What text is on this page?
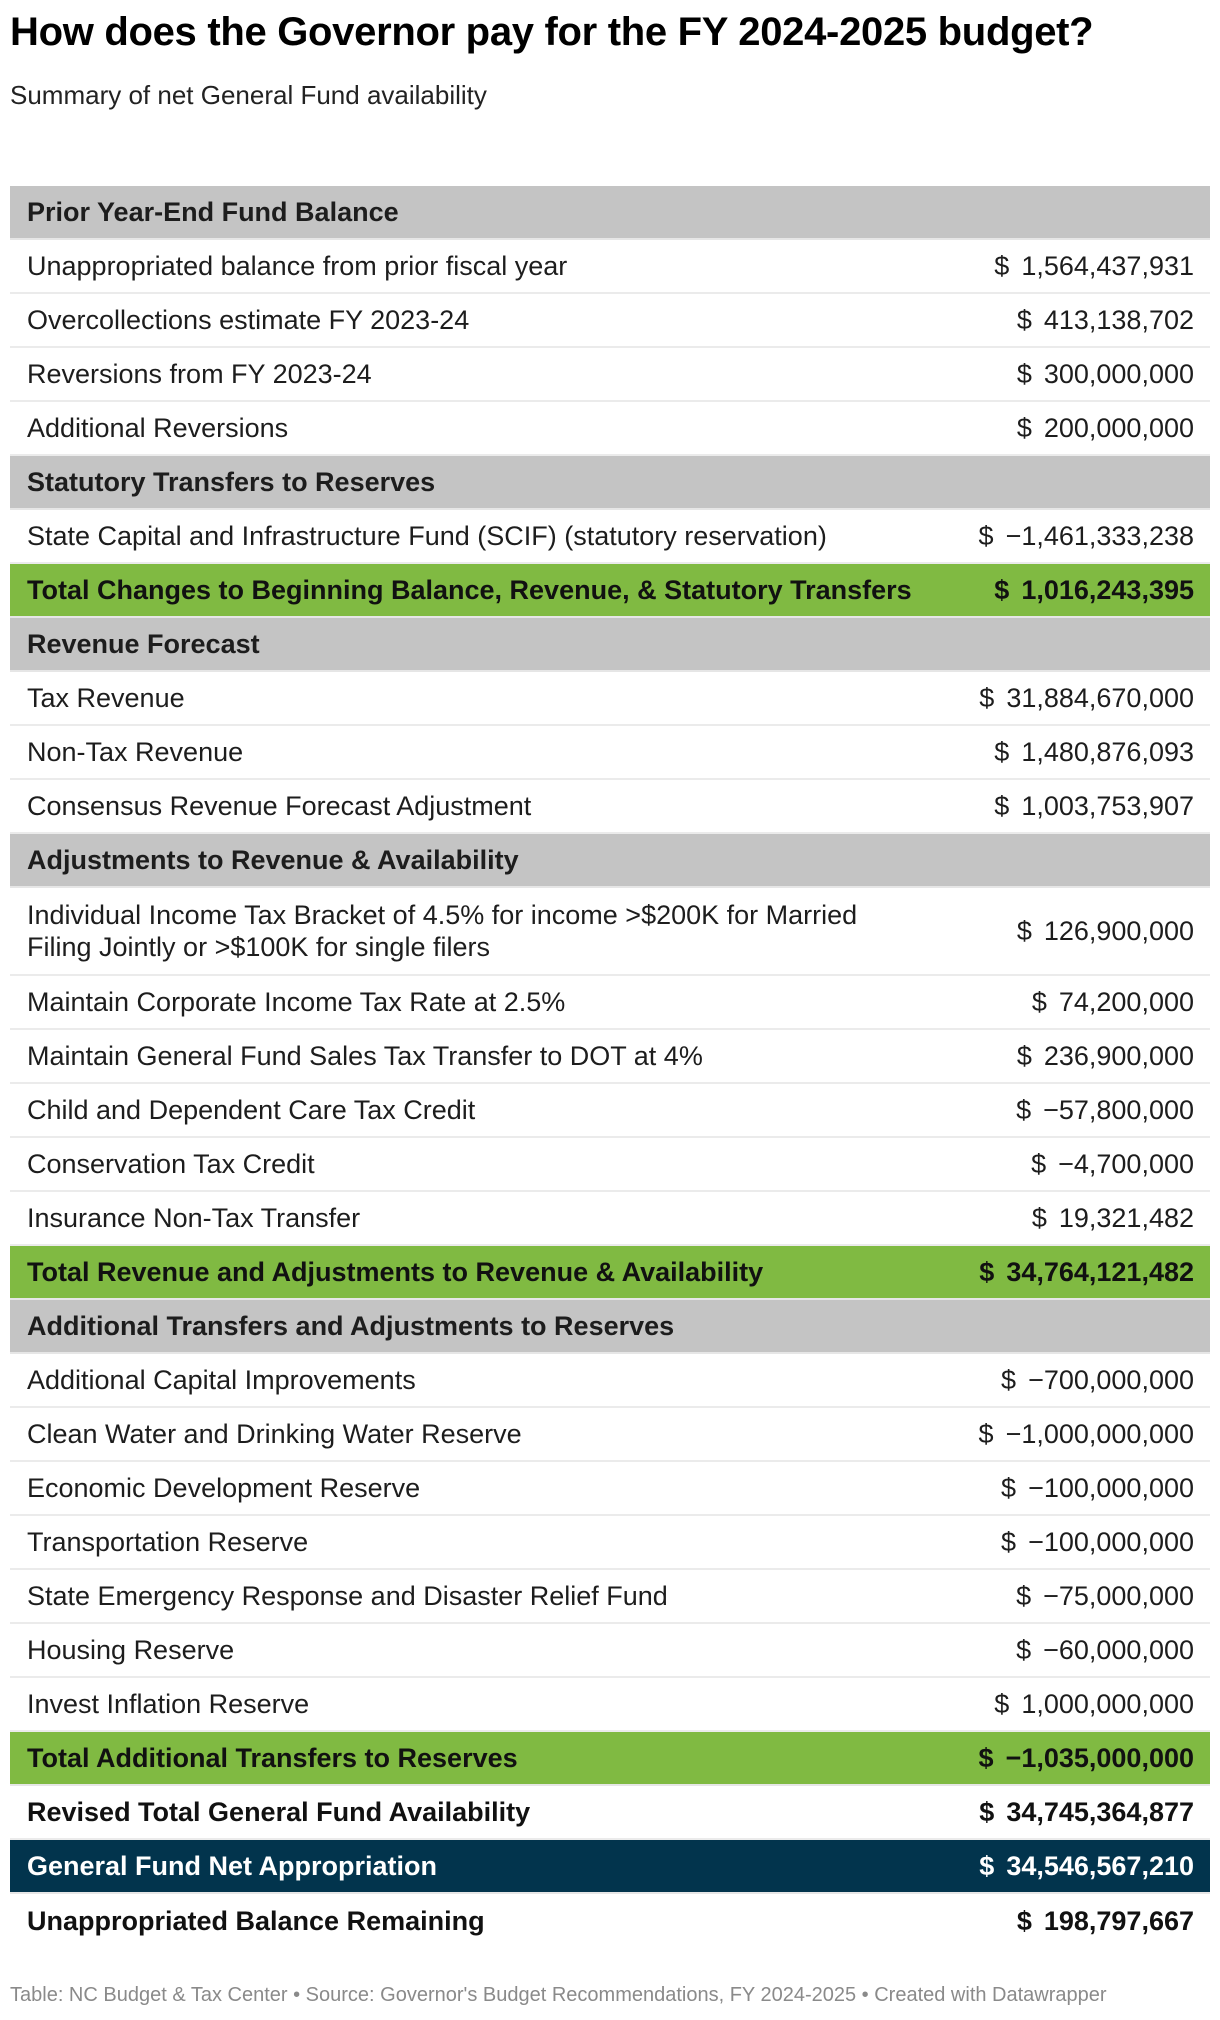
How does the Governor pay for the FY 2024-2025 budget?

Summary of net General Fund availability

Prior Year-End Fund Balance
Unappropriated balance from prior fiscal year	$ 1,564,437,931
Overcollections estimate FY 2023-24	$ 413,138,702
Reversions from FY 2023-24	$ 300,000,000
Additional Reversions	$ 200,000,000
Statutory Transfers to Reserves
State Capital and Infrastructure Fund (SCIF) (statutory reservation)	$ −1,461,333,238
Total Changes to Beginning Balance, Revenue, & Statutory Transfers	$ 1,016,243,395
Revenue Forecast
Tax Revenue	$ 31,884,670,000
Non-Tax Revenue	$ 1,480,876,093
Consensus Revenue Forecast Adjustment	$ 1,003,753,907
Adjustments to Revenue & Availability
Individual Income Tax Bracket of 4.5% for income >$200K for Married Filing Jointly or >$100K for single filers
$ 126,900,000
Maintain Corporate Income Tax Rate at 2.5%	$ 74,200,000
Maintain General Fund Sales Tax Transfer to DOT at 4%	$ 236,900,000
Child and Dependent Care Tax Credit	$ −57,800,000
Conservation Tax Credit	$ −4,700,000
Insurance Non-Tax Transfer	$ 19,321,482
Total Revenue and Adjustments to Revenue & Availability	$ 34,764,121,482
Additional Transfers and Adjustments to Reserves
Additional Capital Improvements	$ −700,000,000
Clean Water and Drinking Water Reserve	$ −1,000,000,000
Economic Development Reserve	$ −100,000,000
Transportation Reserve	$ −100,000,000
State Emergency Response and Disaster Relief Fund	$ −75,000,000
Housing Reserve	$ −60,000,000
Invest Inflation Reserve	$ 1,000,000,000
Total Additional Transfers to Reserves	$ −1,035,000,000
Revised Total General Fund Availability	$ 34,745,364,877
General Fund Net Appropriation	$ 34,546,567,210
Unappropriated Balance Remaining	$ 198,797,667
Table: NC Budget & Tax Center • Source: Governor's Budget Recommendations, FY 2024-2025 • Created with Datawrapper
